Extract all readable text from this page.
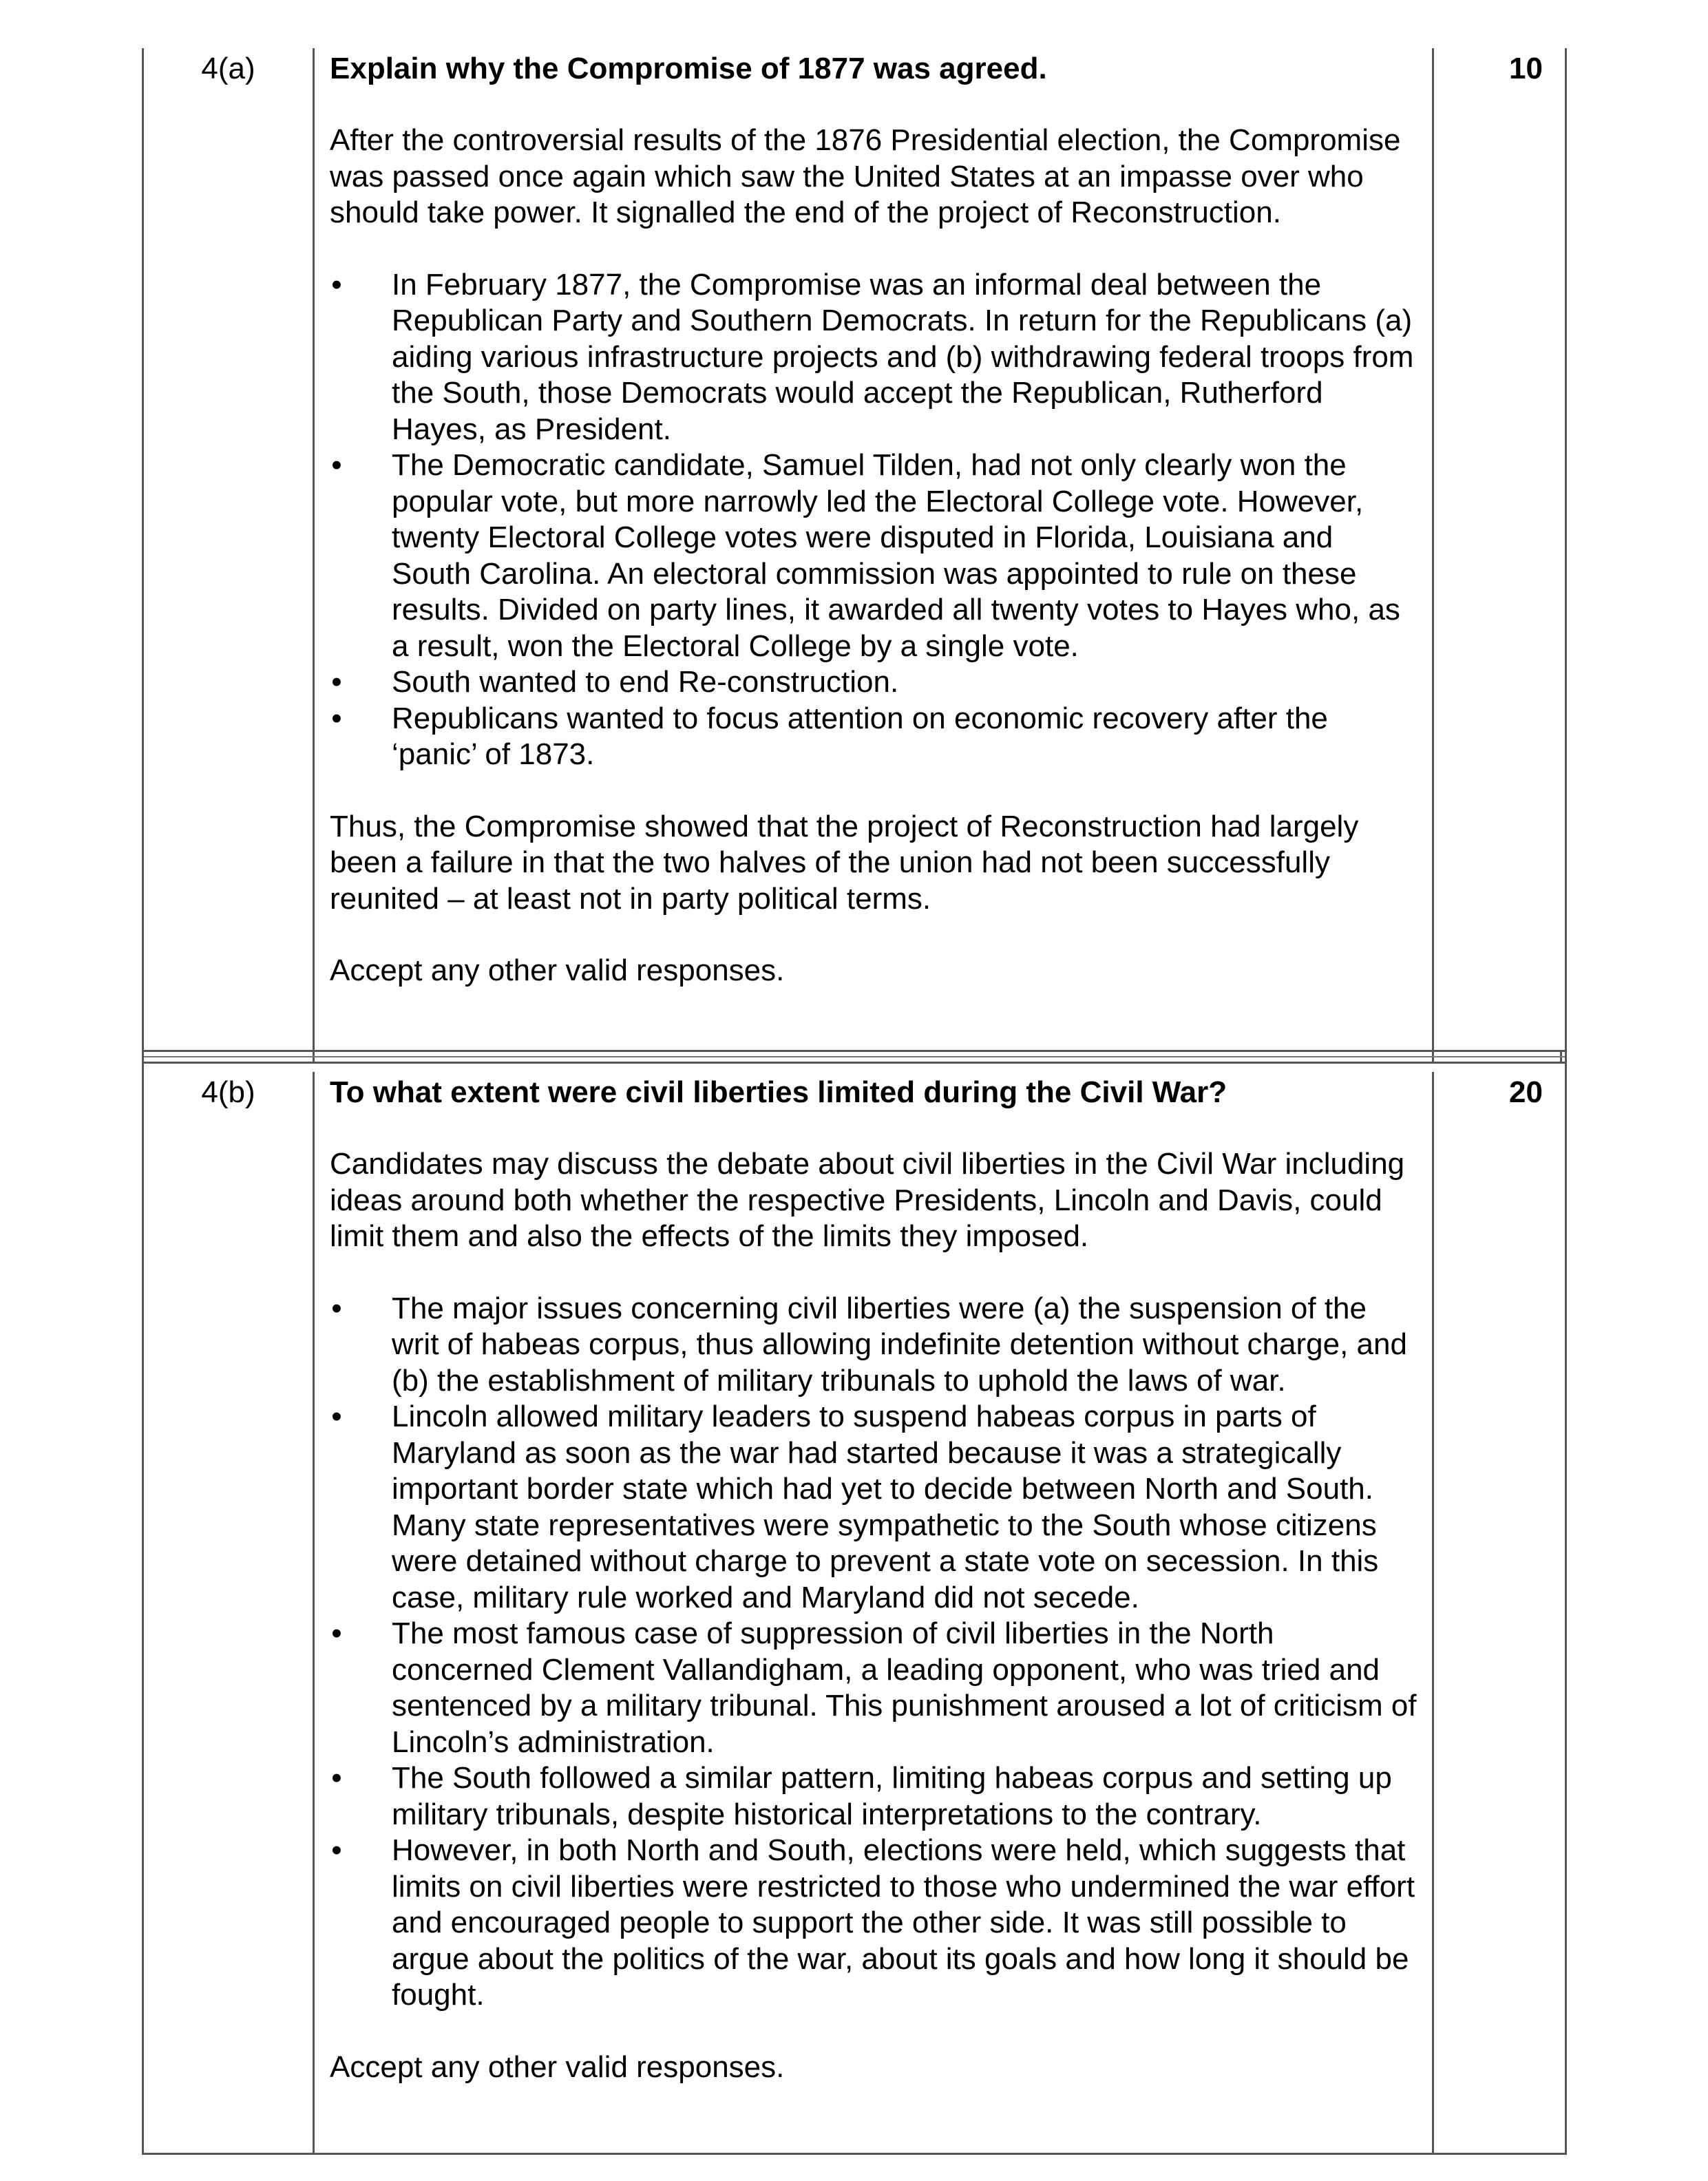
4(a)	Explain why the Compromise of 1877 was agreed.

After the controversial results of the 1876 Presidential election, the Compromise was passed once again which saw the United States at an impasse over who should take power. It signalled the end of the project of Reconstruction.

• In February 1877, the Compromise was an informal deal between the Republican Party and Southern Democrats. In return for the Republicans (a) aiding various infrastructure projects and (b) withdrawing federal troops from the South, those Democrats would accept the Republican, Rutherford Hayes, as President.
• The Democratic candidate, Samuel Tilden, had not only clearly won the popular vote, but more narrowly led the Electoral College vote. However, twenty Electoral College votes were disputed in Florida, Louisiana and South Carolina. An electoral commission was appointed to rule on these results. Divided on party lines, it awarded all twenty votes to Hayes who, as a result, won the Electoral College by a single vote.
• South wanted to end Re-construction.
• Republicans wanted to focus attention on economic recovery after the ‘panic’ of 1873.

Thus, the Compromise showed that the project of Reconstruction had largely been a failure in that the two halves of the union had not been successfully reunited – at least not in party political terms.

Accept any other valid responses.

10
4(b)	To what extent were civil liberties limited during the Civil War?

Candidates may discuss the debate about civil liberties in the Civil War including ideas around both whether the respective Presidents, Lincoln and Davis, could limit them and also the effects of the limits they imposed.

• The major issues concerning civil liberties were (a) the suspension of the writ of habeas corpus, thus allowing indefinite detention without charge, and (b) the establishment of military tribunals to uphold the laws of war.
• Lincoln allowed military leaders to suspend habeas corpus in parts of Maryland as soon as the war had started because it was a strategically important border state which had yet to decide between North and South. Many state representatives were sympathetic to the South whose citizens were detained without charge to prevent a state vote on secession. In this case, military rule worked and Maryland did not secede.
• The most famous case of suppression of civil liberties in the North concerned Clement Vallandigham, a leading opponent, who was tried and sentenced by a military tribunal. This punishment aroused a lot of criticism of Lincoln’s administration.
• The South followed a similar pattern, limiting habeas corpus and setting up military tribunals, despite historical interpretations to the contrary.
• However, in both North and South, elections were held, which suggests that limits on civil liberties were restricted to those who undermined the war effort and encouraged people to support the other side. It was still possible to argue about the politics of the war, about its goals and how long it should be fought.

Accept any other valid responses.

20
